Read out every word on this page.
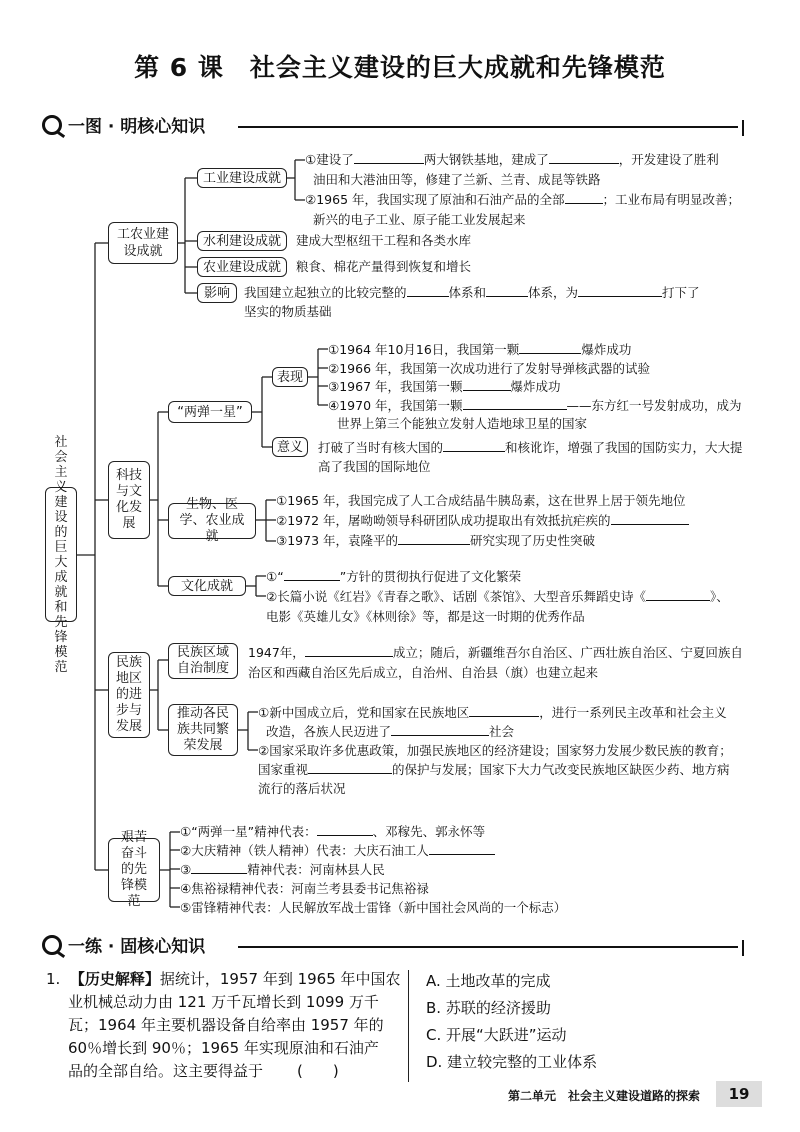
第 6 课　社会主义建设的巨大成就和先锋模范
一图 · 明核心知识
社会主义建设的巨大成就和先锋模范
工农业建设成就
工业建设成就
①建设了	两大钢铁基地，建成了	，开发建设了胜利
油田和大港油田等，修建了兰新、兰青、成昆等铁路
②1965 年，我国实现了原油和石油产品的全部	；工业布局有明显改善；
新兴的电子工业、原子能工业发展起来
水利建设成就	建成大型枢纽干工程和各类水库
农业建设成就	粮食、棉花产量得到恢复和增长
影响	我国建立起独立的比较完整的	体系和	体系，为	打下了
坚实的物质基础
科技与文化发展
“两弹一星”
表现
①1964 年10月16日，我国第一颗	爆炸成功
②1966 年，我国第一次成功进行了发射导弹核武器的试验
③1967 年，我国第一颗	爆炸成功
④1970 年，我国第一颗	——东方红一号发射成功，成为
世界上第三个能独立发射人造地球卫星的国家
意义	打破了当时有核大国的	和核讹诈，增强了我国的国防实力，大大提
高了我国的国际地位
生物、医学、农业成就
①1965 年，我国完成了人工合成结晶牛胰岛素，这在世界上居于领先地位
②1972 年，屠呦呦领导科研团队成功提取出有效抵抗疟疾的
③1973 年，袁隆平的	研究实现了历史性突破
文化成就
①“	”方针的贯彻执行促进了文化繁荣
②长篇小说《红岩》《青春之歌》、话剧《茶馆》、大型音乐舞蹈史诗《	》、
电影《英雄儿女》《林则徐》等，都是这一时期的优秀作品
民族地区的进步与发展
民族区域自治制度
1947年，	成立；随后，新疆维吾尔自治区、广西壮族自治区、宁夏回族自
治区和西藏自治区先后成立，自治州、自治县（旗）也建立起来
推动各民族共同繁荣发展
①新中国成立后，党和国家在民族地区	，进行一系列民主改革和社会主义
改造，各族人民迈进了	社会
②国家采取许多优惠政策，加强民族地区的经济建设；国家努力发展少数民族的教育；
国家重视	的保护与发展；国家下大力气改变民族地区缺医少药、地方病
流行的落后状况
艰苦奋斗的先锋模范
①“两弹一星”精神代表：	、邓稼先、郭永怀等
②大庆精神（铁人精神）代表：大庆石油工人
③	精神代表：河南林县人民
④焦裕禄精神代表：河南兰考县委书记焦裕禄
⑤雷锋精神代表：人民解放军战士雷锋（新中国社会风尚的一个标志）
一练 · 固核心知识
1. 【历史解释】据统计，1957 年到 1965 年中国农
业机械总动力由 121 万千瓦增长到 1099 万千
瓦；1964 年主要机器设备自给率由 1957 年的
60％增长到 90％；1965 年实现原油和石油产
品的全部自给。这主要得益于 (　　)
A. 土地改革的完成
B. 苏联的经济援助
C. 开展“大跃进”运动
D. 建立较完整的工业体系
第二单元　社会主义建设道路的探索	19
